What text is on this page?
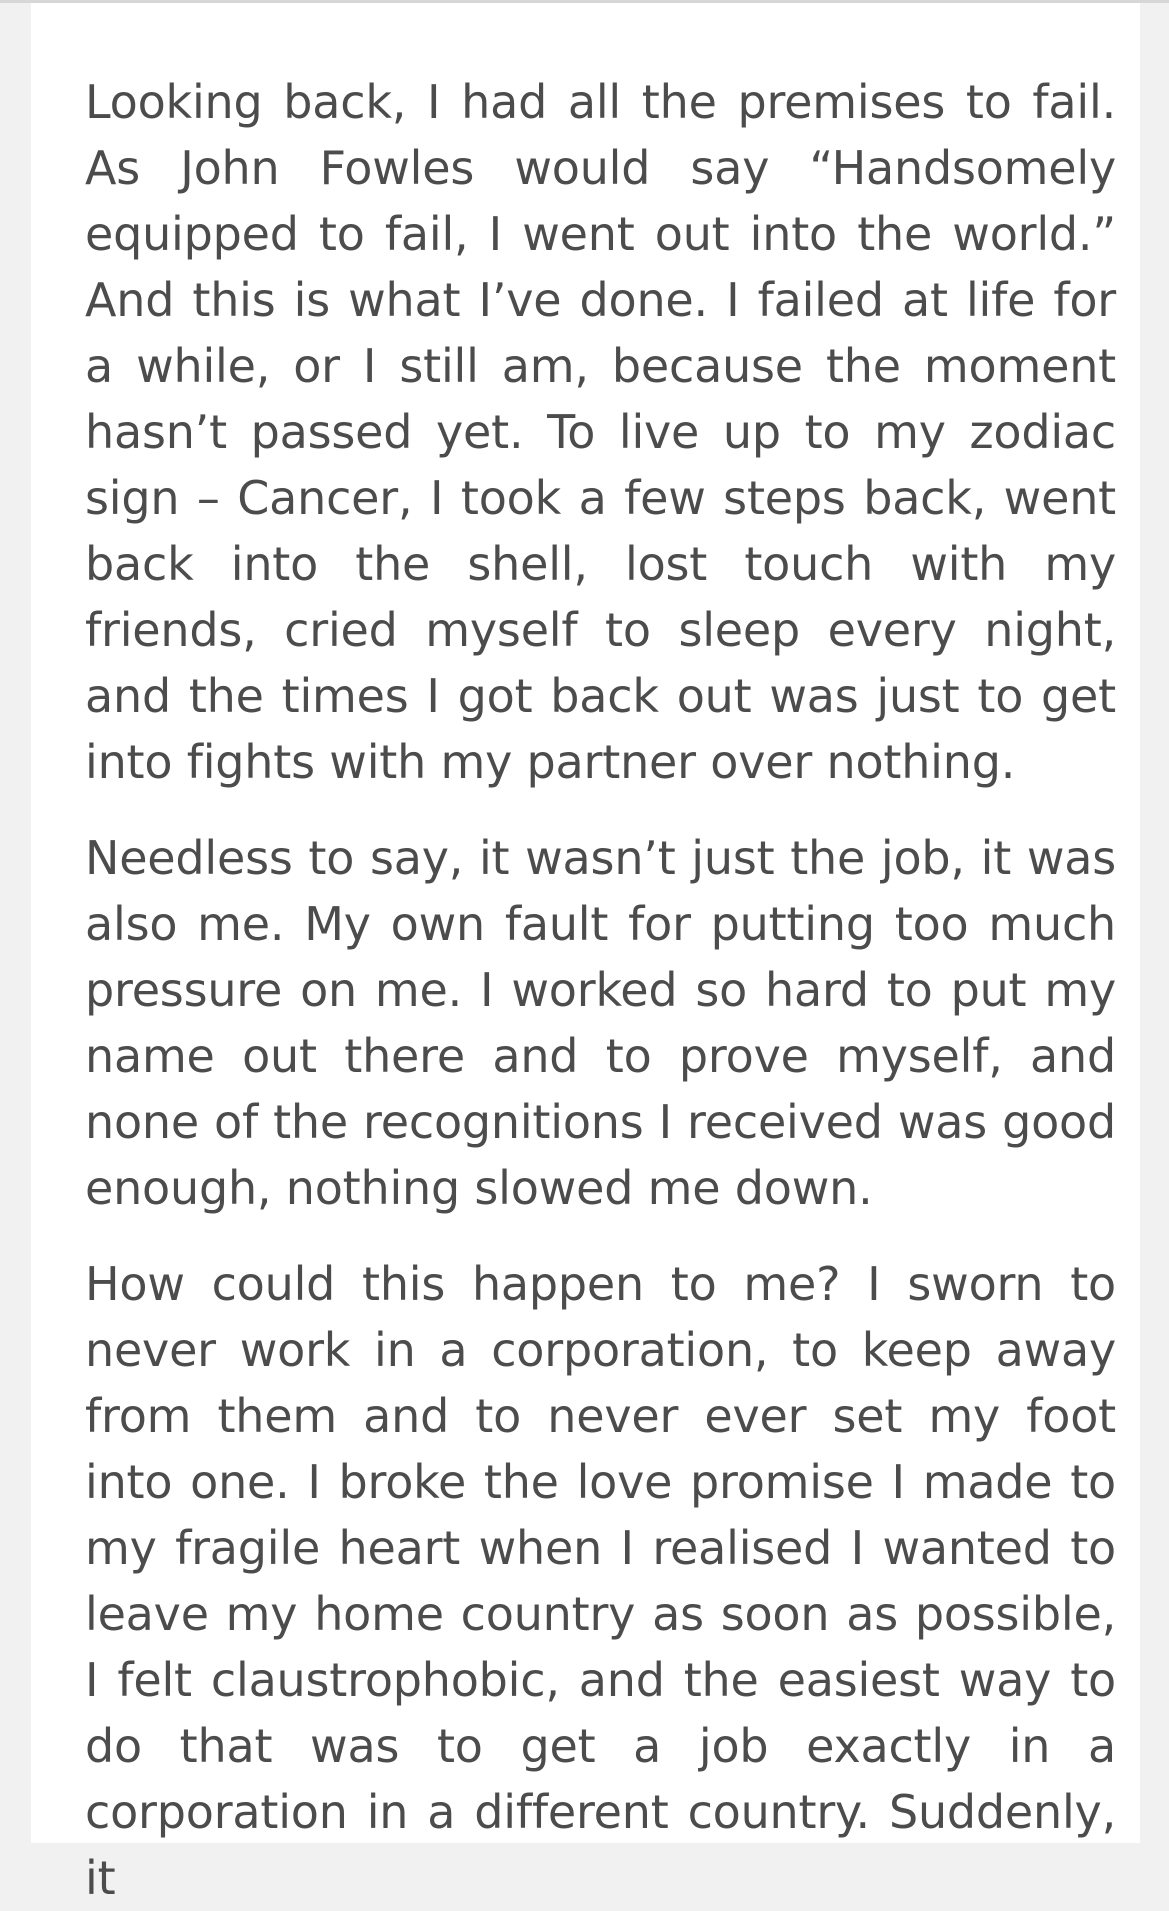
Looking back, I had all the premises to fail. As John Fowles would say “Handsomely equipped to fail, I went out into the world.” And this is what I’ve done. I failed at life for a while, or I still am, because the moment hasn’t passed yet. To live up to my zodiac sign – Cancer, I took a few steps back, went back into the shell, lost touch with my friends, cried myself to sleep every night, and the times I got back out was just to get into fights with my partner over nothing.

Needless to say, it wasn’t just the job, it was also me. My own fault for putting too much pressure on me. I worked so hard to put my name out there and to prove myself, and none of the recognitions I received was good enough, nothing slowed me down.

How could this happen to me? I sworn to never work in a corporation, to keep away from them and to never ever set my foot into one. I broke the love promise I made to my fragile heart when I realised I wanted to leave my home country as soon as possible, I felt claustrophobic, and the easiest way to do that was to get a job exactly in a corporation in a different country. Suddenly, it
